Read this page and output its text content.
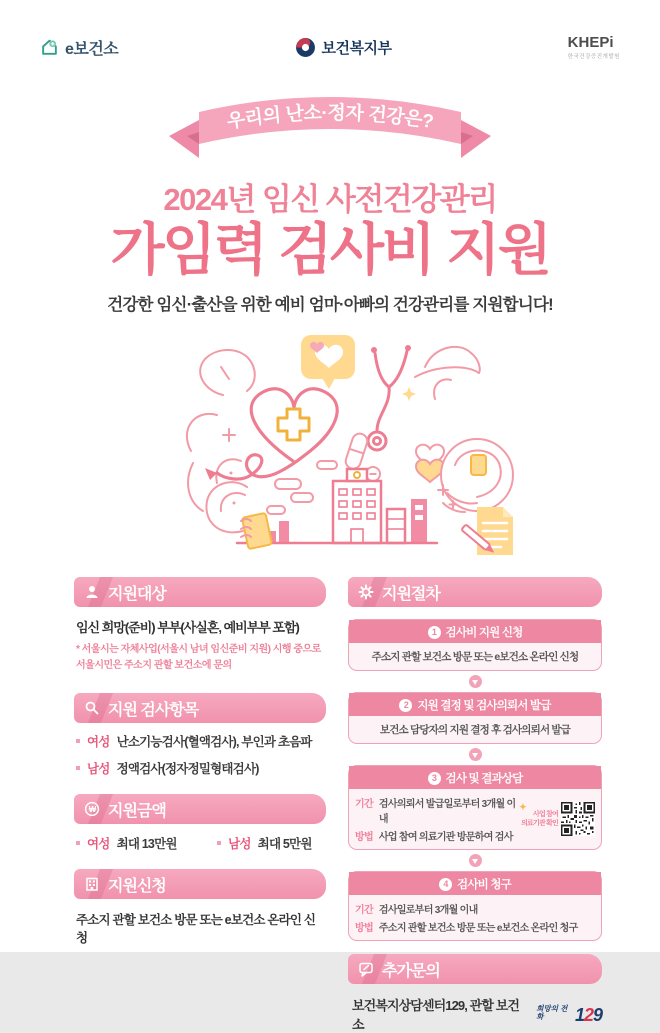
e보건소	보건복지부	KHEPi
한국건강증진개발원
우리의 난소·정자 건강은?
2024년 임신 사전건강관리
가임력 검사비 지원
건강한 임신·출산을 위한 예비 엄마·아빠의 건강관리를 지원합니다!
지원대상
임신 희망(준비) 부부(사실혼, 예비부부 포함)
* 서울시는 자체사업(서울시 남녀 임신준비 지원) 시행 중으로
서울시민은 주소지 관할 보건소에 문의
지원 검사항목
여성 난소기능검사(혈액검사), 부인과 초음파
남성 정액검사(정자정밀형태검사)
₩ 지원금액
여성 최대 13만원	남성 최대 5만원
지원신청
주소지 관할 보건소 방문 또는 e보건소 온라인 신청
지원절차
1 검사비 지원 신청
주소지 관할 보건소 방문 또는 e보건소 온라인 신청
2 지원 결정 및 검사의뢰서 발급
보건소 담당자의 지원 결정 후 검사의뢰서 발급
3 검사 및 결과상담
기간 검사의뢰서 발급일로부터 3개월 이내
방법 사업 참여 의료기관 방문하여 검사
✦
사업 참여
의료기관 확인
4 검사비 청구
기간 검사일로부터 3개월 이내
방법 주소지 관할 보건소 방문 또는 e보건소 온라인 청구
추가문의
보건복지상담센터129, 관할 보건소
희망의 전화	129
